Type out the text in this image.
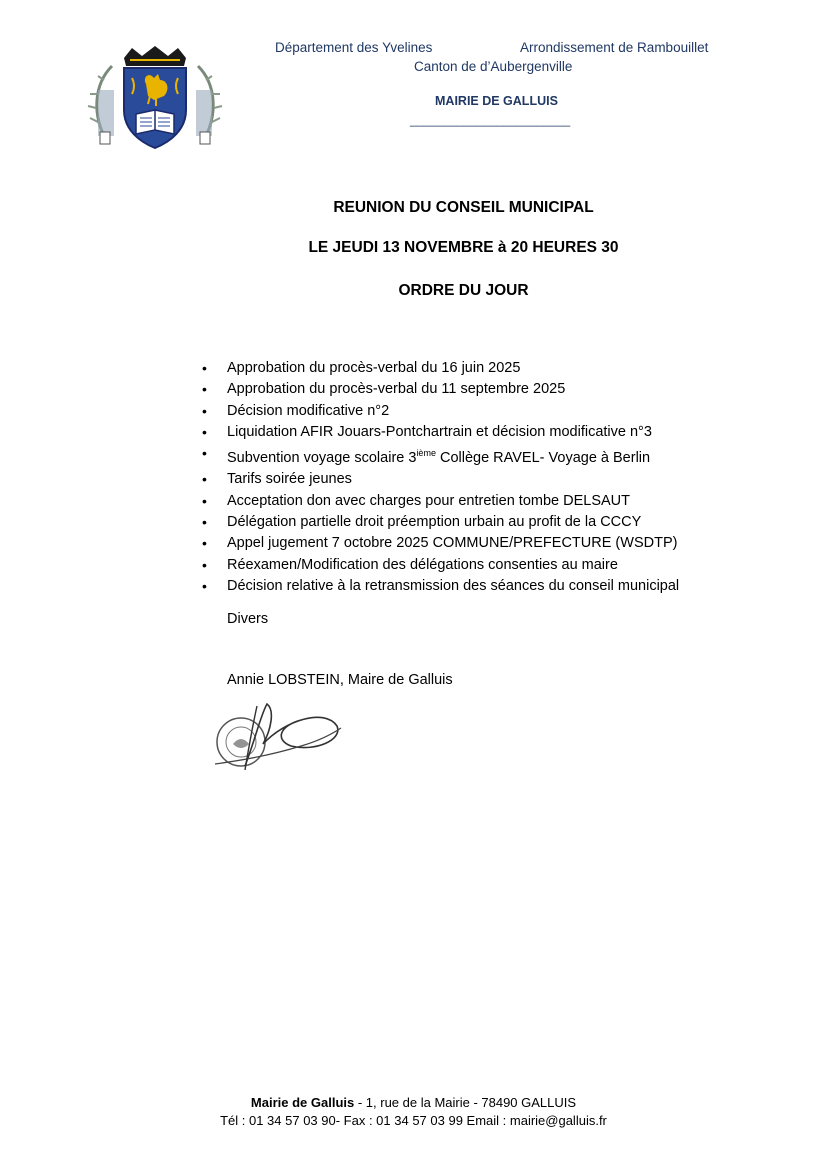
Département des Yvelines	Arrondissement de Rambouillet
Canton de d’Aubergenville
MAIRIE DE GALLUIS
________________________
REUNION DU CONSEIL MUNICIPAL
LE JEUDI 13 NOVEMBRE à 20 HEURES 30
ORDRE DU JOUR
• Approbation du procès-verbal du 16 juin 2025
• Approbation du procès-verbal du 11 septembre 2025
• Décision modificative n°2
• Liquidation AFIR Jouars-Pontchartrain et décision modificative n°3
• Subvention voyage scolaire 3ième Collège RAVEL- Voyage à Berlin
• Tarifs soirée jeunes
• Acceptation don avec charges pour entretien tombe DELSAUT
• Délégation partielle droit préemption urbain au profit de la CCCY
• Appel jugement 7 octobre 2025 COMMUNE/PREFECTURE (WSDTP)
• Réexamen/Modification des délégations consenties au maire
• Décision relative à la retransmission des séances du conseil municipal
Divers
Annie LOBSTEIN, Maire de Galluis
Mairie de Galluis - 1, rue de la Mairie - 78490 GALLUIS
Tél : 01 34 57 03 90- Fax : 01 34 57 03 99 Email : mairie@galluis.fr
